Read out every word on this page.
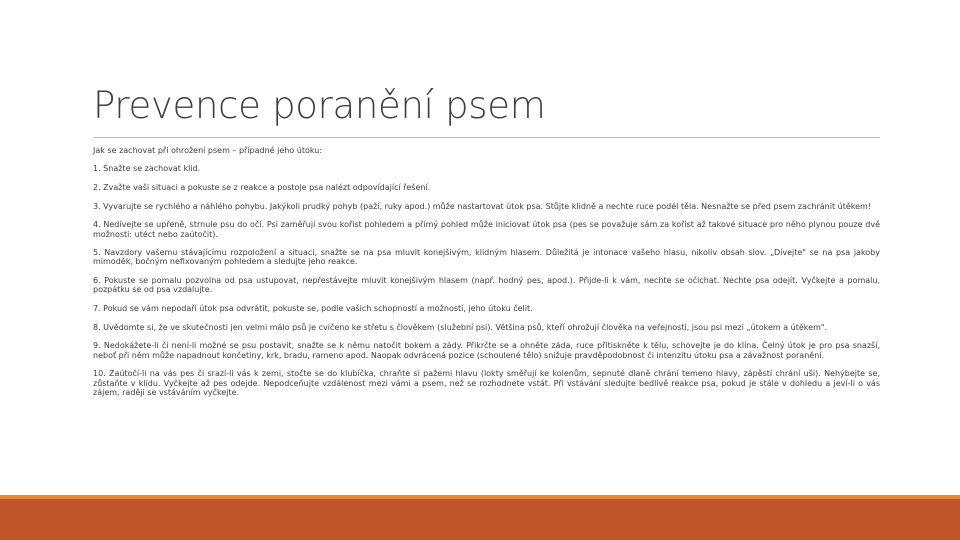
Prevence poranění psem

Jak se zachovat při ohrožení psem – případné jeho útoku:

1. Snažte se zachovat klid.

2. Zvažte vaši situaci a pokuste se z reakce a postoje psa nalézt odpovídající řešení.

3. Vyvarujte se rychlého a náhlého pohybu. Jakýkoli prudký pohyb (paží, ruky apod.) může nastartovat útok psa. Stůjte klidně a nechte ruce podél těla. Nesnažte se před psem zachránit útěkem!

4. Nedívejte se upřeně, strnule psu do očí. Psi zaměřují svou kořist pohledem a přímý pohled může iniciovat útok psa (pes se považuje sám za kořist až takové situace pro něho plynou pouze dvě možnosti: utéct nebo zaútočit).

5. Navzdory vašemu stávajícímu rozpoložení a situaci, snažte se na psa mluvit konejšivým, klidným hlasem. Důležitá je intonace vašeho hlasu, nikoliv obsah slov. „Dívejte" se na psa jakoby mimoděk, bočným nefixovaným pohledem a sledujte jeho reakce.

6. Pokuste se pomalu pozvolna od psa ustupovat, nepřestávejte mluvit konejšivým hlasem (např. hodný pes, apod.). Přijde-li k vám, nechte se očichat. Nechte psa odejít. Vyčkejte a pomalu, pozpátku se od psa vzdalujte.

7. Pokud se vám nepodaří útok psa odvrátit, pokuste se, podle vašich schopností a možností, jeho útoku čelit.

8. Uvědomte si, že ve skutečnosti jen velmi málo psů je cvičeno ke střetu s člověkem (služební psi). Většina psů, kteří ohrožují člověka na veřejnosti, jsou psi mezi „útokem a útěkem".

9. Nedokážete-li či není-li možné se psu postavit, snažte se k němu natočit bokem a zády. Přikrčte se a ohněte záda, ruce přitiskněte k tělu, schovejte je do klína. Čelný útok je pro psa snazší, neboť při něm může napadnout končetiny, krk, bradu, rameno apod. Naopak odvrácená pozice (schoulené tělo) snižuje pravděpodobnost či intenzitu útoku psa a závažnost poranění.

10. Zaútočí-li na vás pes či srazí-li vás k zemi, stočte se do klubíčka, chraňte si pažemi hlavu (lokty směřují ke kolenům, sepnuté dlaně chrání temeno hlavy, zápěstí chrání uši). Nehýbejte se, zůstaňte v klidu. Vyčkejte až pes odejde. Nepodceňujte vzdálenost mezi vámi a psem, než se rozhodnete vstát. Při vstávání sledujte bedlivě reakce psa, pokud je stále v dohledu a jeví-li o vás zájem, raději se vstáváním vyčkejte.
